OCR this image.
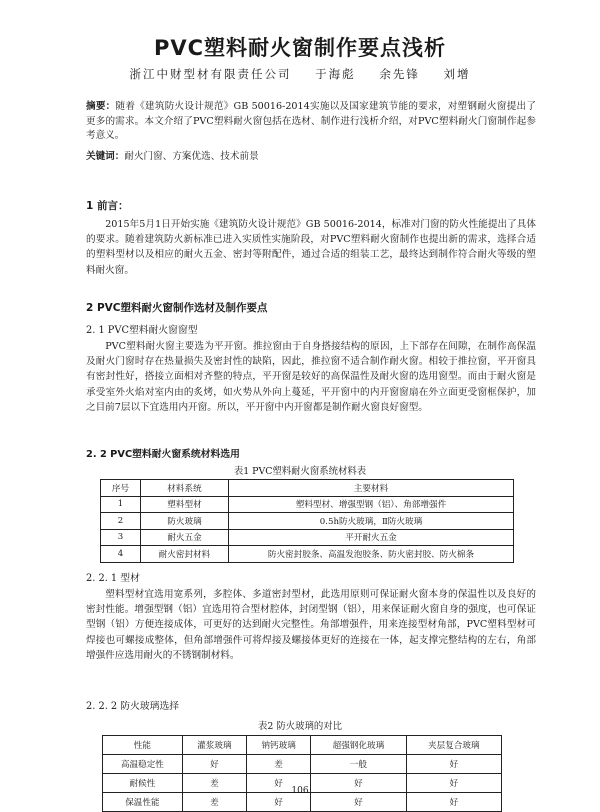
PVC塑料耐火窗制作要点浅析
浙江中财型材有限责任公司 于海彪 余先锋 刘增
摘要：随着《建筑防火设计规范》GB 50016-2014实施以及国家建筑节能的要求，对塑钢耐火窗提出了更多的需求。本文介绍了PVC塑料耐火窗包括在选材、制作进行浅析介绍，对PVC塑料耐火门窗制作起参考意义。
关键词：耐火门窗、方案优选、技术前景
1 前言：
2015年5月1日开始实施《建筑防火设计规范》GB 50016-2014，标准对门窗的防火性能提出了具体的要求。随着建筑防火新标准已进入实质性实施阶段，对PVC塑料耐火窗制作也提出新的需求，选择合适的塑料型材以及相应的耐火五金、密封等附配件，通过合适的组装工艺，最终达到制作符合耐火等级的塑料耐火窗。
2 PVC塑料耐火窗制作选材及制作要点
2. 1 PVC塑料耐火窗窗型
PVC塑料耐火窗主要选为平开窗。推拉窗由于自身搭接结构的原因，上下部存在间隙，在制作高保温及耐火门窗时存在热量损失及密封性的缺陷，因此，推拉窗不适合制作耐火窗。相较于推拉窗，平开窗具有密封性好，搭接立面相对齐整的特点，平开窗是较好的高保温性及耐火窗的选用窗型。而由于耐火窗是承受室外火焰对室内由的炙烤，如火势从外向上蔓延，平开窗中的内开窗窗扇在外立面更受窗框保护，加之目前7层以下宜选用内开窗。所以，平开窗中内开窗都是制作耐火窗良好窗型。
2. 2 PVC塑料耐火窗系统材料选用
表1 PVC塑料耐火窗系统材料表
序号	材料系统	主要材料
1	塑料型材	塑料型材、增强型钢（铝）、角部增强件
2	防火玻璃	0.5h防火玻璃，Ⅱ防火玻璃
3	耐火五金	平开耐火五金
4	耐火密封材料	防火密封胶条、高温发泡胶条、防火密封胶、防火棉条
2. 2. 1 型材
塑料型材宜选用宽系列，多腔体、多道密封型材，此选用原则可保证耐火窗本身的保温性以及良好的密封性能。增强型钢（铝）宜选用符合型材腔体，封闭型钢（铝），用来保证耐火窗自身的强度，也可保证型钢（铝）方便连接成体，可更好的达到耐火完整性。角部增强件，用来连接型材角部，PVC塑料型材可焊接也可螺接成整体，但角部增强件可将焊接及螺接体更好的连接在一体，起支撑完整结构的左右，角部增强件应选用耐火的不锈钢制材料。
2. 2. 2 防火玻璃选择
表2 防火玻璃的对比
性能	灌浆玻璃	钠钙玻璃	超强钢化玻璃	夹层复合玻璃
高温稳定性	好	差	一般	好
耐候性	差	好	好	好
保温性能	差	好	好	好
106
